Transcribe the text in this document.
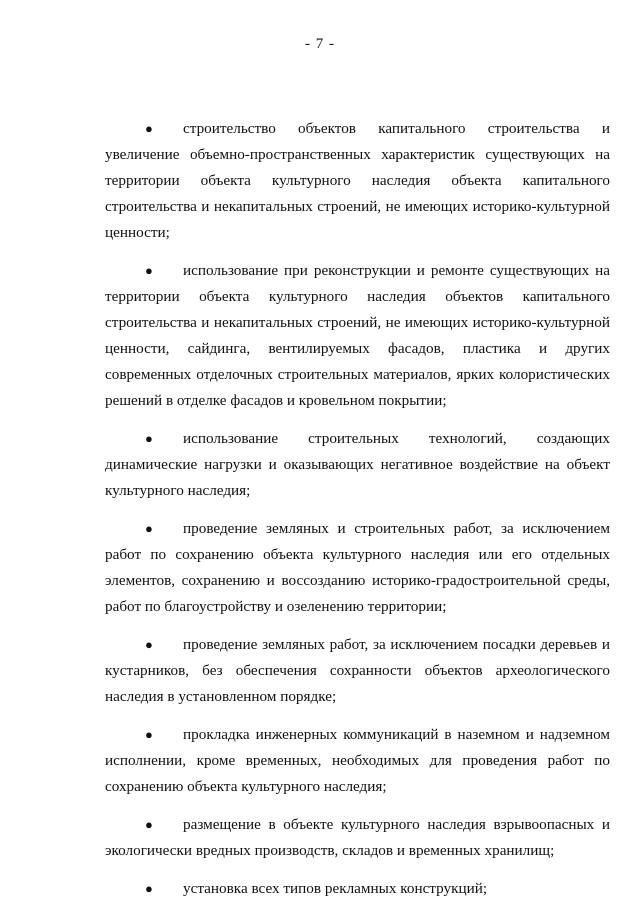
- 7 -

● строительство объектов капитального строительства и увеличение объемно-пространственных характеристик существующих на территории объекта культурного наследия объекта капитального строительства и некапитальных строений, не имеющих историко-культурной ценности;

● использование при реконструкции и ремонте существующих на территории объекта культурного наследия объектов капитального строительства и некапитальных строений, не имеющих историко-культурной ценности, сайдинга, вентилируемых фасадов, пластика и других современных отделочных строительных материалов, ярких колористических решений в отделке фасадов и кровельном покрытии;

● использование строительных технологий, создающих динамические нагрузки и оказывающих негативное воздействие на объект культурного наследия;

● проведение земляных и строительных работ, за исключением работ по сохранению объекта культурного наследия или его отдельных элементов, сохранению и воссозданию историко-градостроительной среды, работ по благоустройству и озеленению территории;

● проведение земляных работ, за исключением посадки деревьев и кустарников, без обеспечения сохранности объектов археологического наследия в установленном порядке;

● прокладка инженерных коммуникаций в наземном и надземном исполнении, кроме временных, необходимых для проведения работ по сохранению объекта культурного наследия;

● размещение в объекте культурного наследия взрывоопасных и экологически вредных производств, складов и временных хранилищ;

● установка всех типов рекламных конструкций;
